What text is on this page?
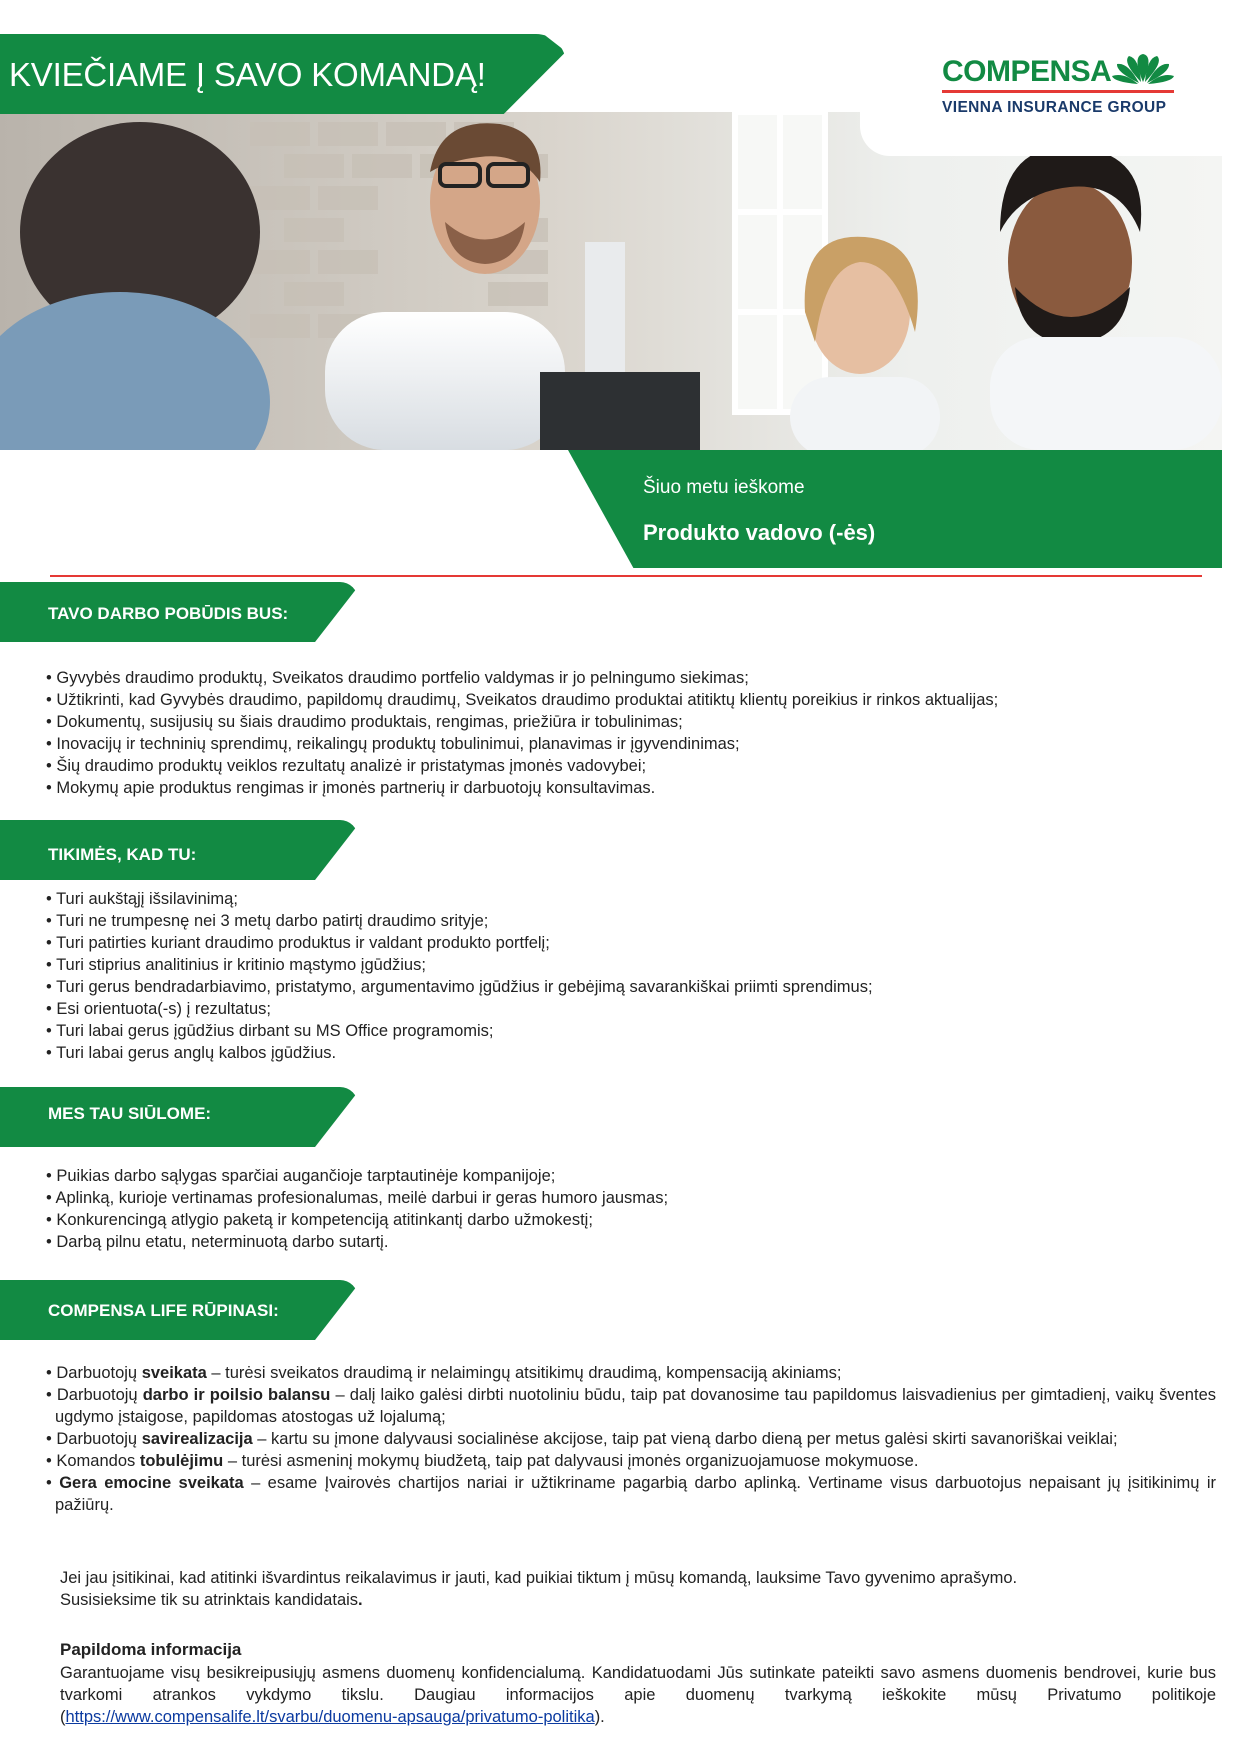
KVIEČIAME Į SAVO KOMANDĄ!	COMPENSA
VIENNA INSURANCE GROUP
Šiuo metu ieškome
Produkto vadovo (-ės)
TAVO DARBO POBŪDIS BUS:
• Gyvybės draudimo produktų, Sveikatos draudimo portfelio valdymas ir jo pelningumo siekimas;
• Užtikrinti, kad Gyvybės draudimo, papildomų draudimų, Sveikatos draudimo produktai atitiktų klientų poreikius ir rinkos aktualijas;
• Dokumentų, susijusių su šiais draudimo produktais, rengimas, priežiūra ir tobulinimas;
• Inovacijų ir techninių sprendimų, reikalingų produktų tobulinimui, planavimas ir įgyvendinimas;
• Šių draudimo produktų veiklos rezultatų analizė ir pristatymas įmonės vadovybei;
• Mokymų apie produktus rengimas ir įmonės partnerių ir darbuotojų konsultavimas.
TIKIMĖS, KAD TU:
• Turi aukštąjį išsilavinimą;
• Turi ne trumpesnę nei 3 metų darbo patirtį draudimo srityje;
• Turi patirties kuriant draudimo produktus ir valdant produkto portfelį;
• Turi stiprius analitinius ir kritinio mąstymo įgūdžius;
• Turi gerus bendradarbiavimo, pristatymo, argumentavimo įgūdžius ir gebėjimą savarankiškai priimti sprendimus;
• Esi orientuota(-s) į rezultatus;
• Turi labai gerus įgūdžius dirbant su MS Office programomis;
• Turi labai gerus anglų kalbos įgūdžius.
MES TAU SIŪLOME:
• Puikias darbo sąlygas sparčiai augančioje tarptautinėje kompanijoje;
• Aplinką, kurioje vertinamas profesionalumas, meilė darbui ir geras humoro jausmas;
• Konkurencingą atlygio paketą ir kompetenciją atitinkantį darbo užmokestį;
• Darbą pilnu etatu, neterminuotą darbo sutartį.
COMPENSA LIFE RŪPINASI:
• Darbuotojų sveikata – turėsi sveikatos draudimą ir nelaimingų atsitikimų draudimą, kompensaciją akiniams;
• Darbuotojų darbo ir poilsio balansu – dalį laiko galėsi dirbti nuotoliniu būdu, taip pat dovanosime tau papildomus laisvadienius per gimtadienį, vaikų šventes ugdymo įstaigose, papildomas atostogas už lojalumą;
• Darbuotojų savirealizacija – kartu su įmone dalyvausi socialinėse akcijose, taip pat vieną darbo dieną per metus galėsi skirti savanoriškai veiklai;
• Komandos tobulėjimu – turėsi asmeninį mokymų biudžetą, taip pat dalyvausi įmonės organizuojamuose mokymuose.
• Gera emocine sveikata – esame Įvairovės chartijos nariai ir užtikriname pagarbią darbo aplinką. Vertiname visus darbuotojus nepaisant jų įsitikinimų ir pažiūrų.
Jei jau įsitikinai, kad atitinki išvardintus reikalavimus ir jauti, kad puikiai tiktum į mūsų komandą, lauksime Tavo gyvenimo aprašymo.
Susisieksime tik su atrinktais kandidatais.
Papildoma informacija
Garantuojame visų besikreipusiųjų asmens duomenų konfidencialumą. Kandidatuodami Jūs sutinkate pateikti savo asmens duomenis bendrovei, kurie bus tvarkomi atrankos vykdymo tikslu. Daugiau informacijos apie duomenų tvarkymą ieškokite mūsų Privatumo politikoje (https://www.compensalife.lt/svarbu/duomenu-apsauga/privatumo-politika).
